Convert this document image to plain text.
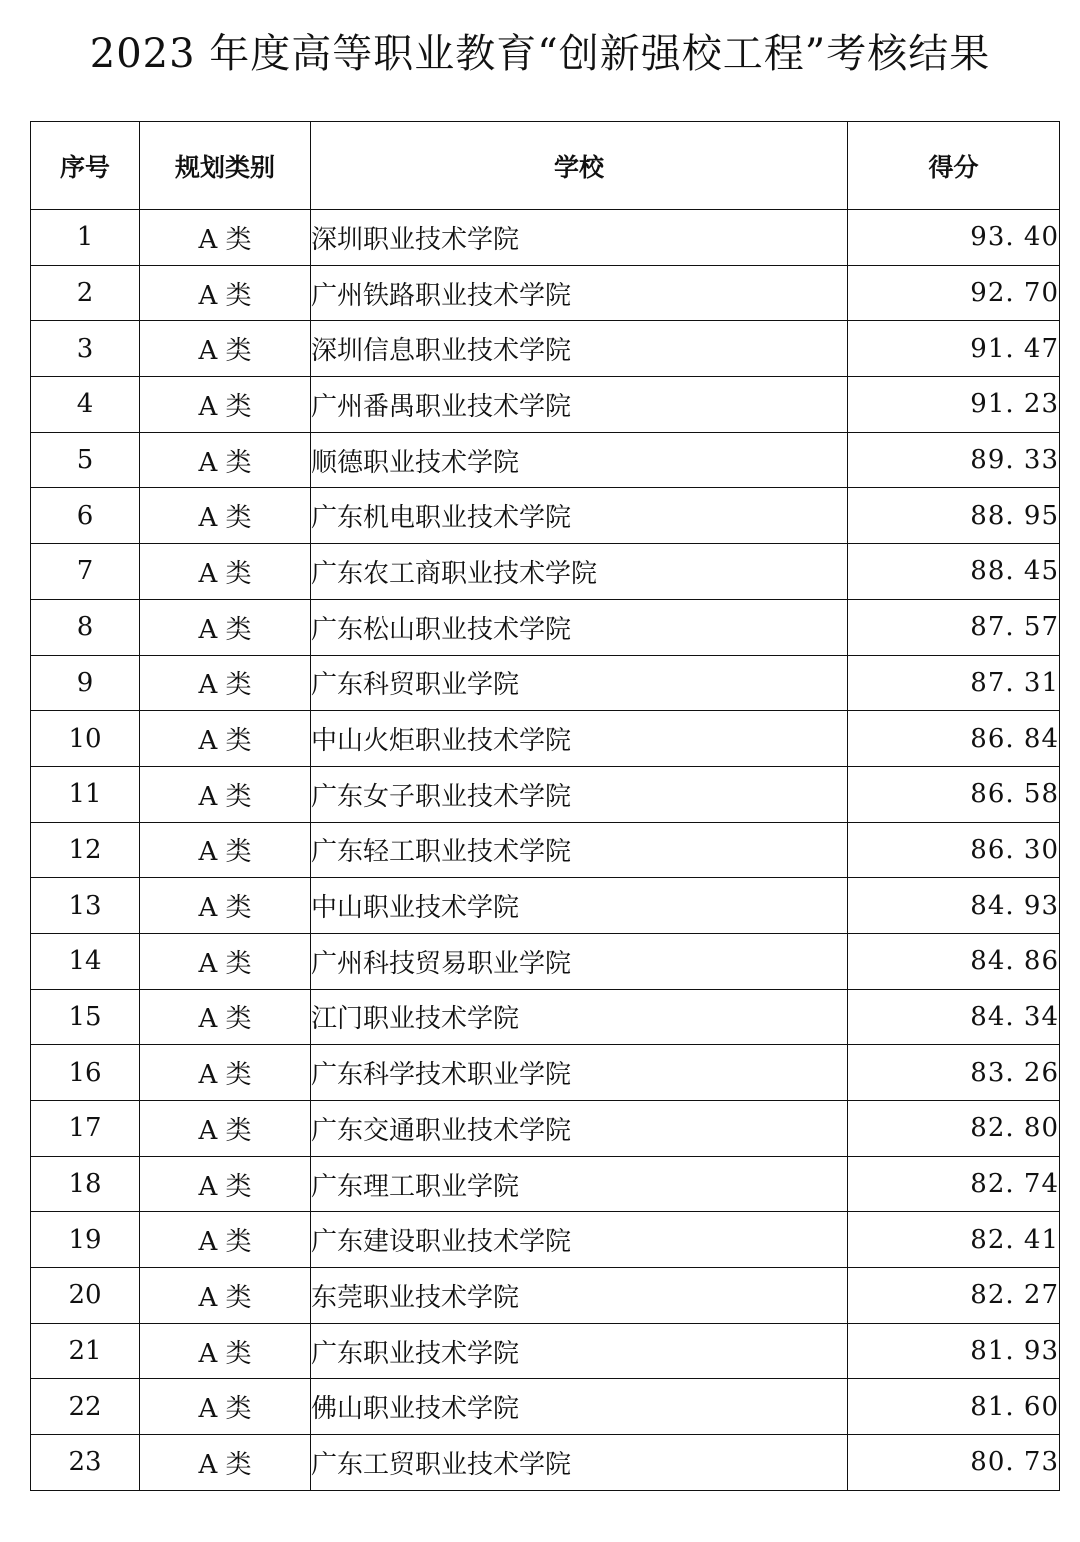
2023 年度高等职业教育“创新强校工程”考核结果
序号	规划类别	学校	得分
1	A 类	深圳职业技术学院	93. 40
2	A 类	广州铁路职业技术学院	92. 70
3	A 类	深圳信息职业技术学院	91. 47
4	A 类	广州番禺职业技术学院	91. 23
5	A 类	顺德职业技术学院	89. 33
6	A 类	广东机电职业技术学院	88. 95
7	A 类	广东农工商职业技术学院	88. 45
8	A 类	广东松山职业技术学院	87. 57
9	A 类	广东科贸职业学院	87. 31
10	A 类	中山火炬职业技术学院	86. 84
11	A 类	广东女子职业技术学院	86. 58
12	A 类	广东轻工职业技术学院	86. 30
13	A 类	中山职业技术学院	84. 93
14	A 类	广州科技贸易职业学院	84. 86
15	A 类	江门职业技术学院	84. 34
16	A 类	广东科学技术职业学院	83. 26
17	A 类	广东交通职业技术学院	82. 80
18	A 类	广东理工职业学院	82. 74
19	A 类	广东建设职业技术学院	82. 41
20	A 类	东莞职业技术学院	82. 27
21	A 类	广东职业技术学院	81. 93
22	A 类	佛山职业技术学院	81. 60
23	A 类	广东工贸职业技术学院	80. 73
